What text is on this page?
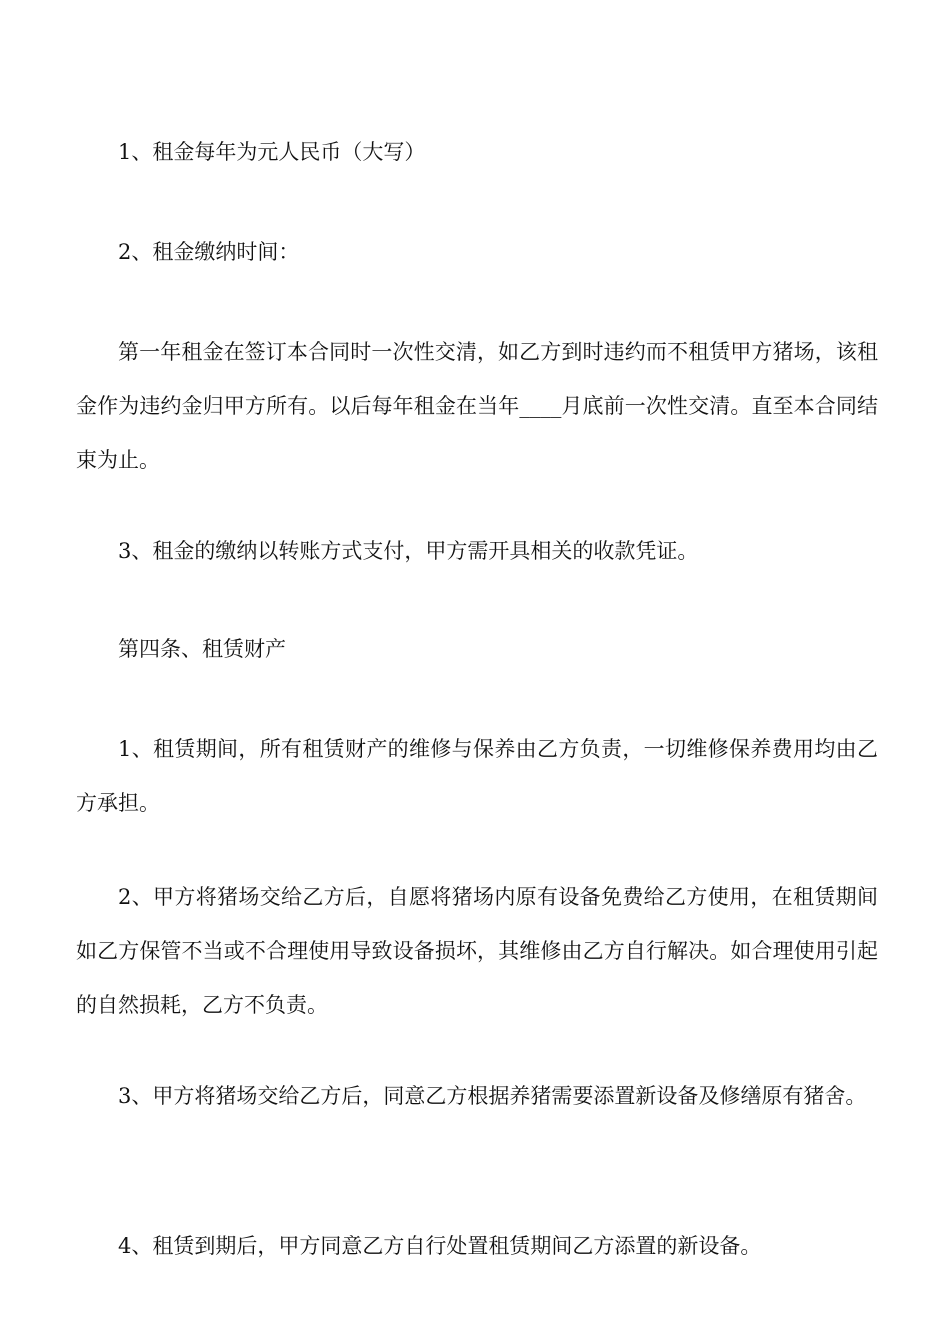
1、租金每年为元人民币（大写）

2、租金缴纳时间：

第一年租金在签订本合同时一次性交清，如乙方到时违约而不租赁甲方猪场，该租金作为违约金归甲方所有。以后每年租金在当年____月底前一次性交清。直至本合同结束为止。

3、租金的缴纳以转账方式支付，甲方需开具相关的收款凭证。

第四条、租赁财产

1、租赁期间，所有租赁财产的维修与保养由乙方负责，一切维修保养费用均由乙方承担。

2、甲方将猪场交给乙方后，自愿将猪场内原有设备免费给乙方使用，在租赁期间如乙方保管不当或不合理使用导致设备损坏，其维修由乙方自行解决。如合理使用引起的自然损耗，乙方不负责。

3、甲方将猪场交给乙方后，同意乙方根据养猪需要添置新设备及修缮原有猪舍。

4、租赁到期后，甲方同意乙方自行处置租赁期间乙方添置的新设备。
